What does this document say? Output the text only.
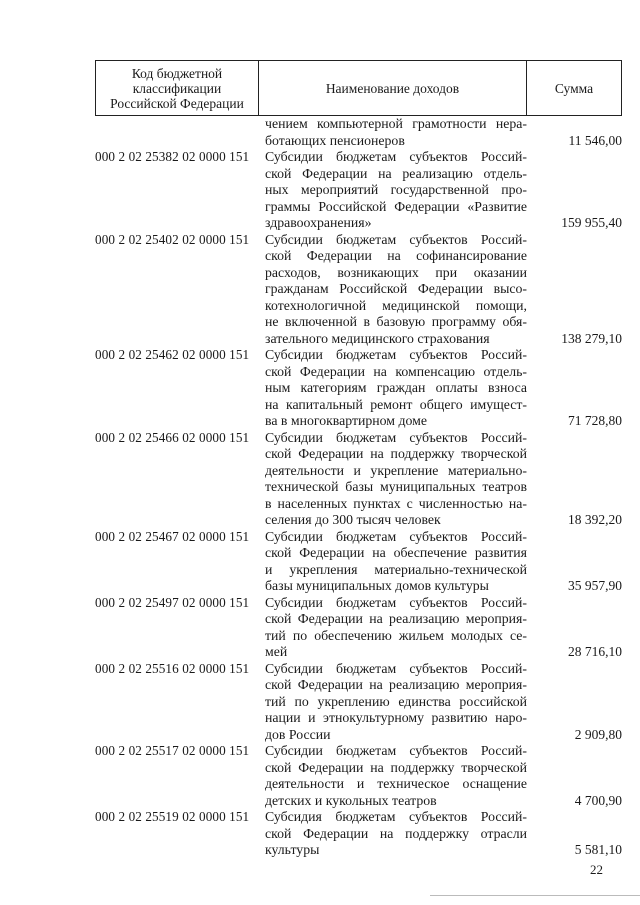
Код бюджетной
классификации
Российской Федерации
Наименование доходов	Сумма
чением компьютерной грамотности нера-
ботающих пенсионеров	11 546,00
000 2 02 25382 02 0000 151	Субсидии бюджетам субъектов Россий-
ской Федерации на реализацию отдель-
ных мероприятий государственной про-
граммы Российской Федерации «Развитие
здравоохранения»	159 955,40
000 2 02 25402 02 0000 151	Субсидии бюджетам субъектов Россий-
ской Федерации на софинансирование
расходов, возникающих при оказании
гражданам Российской Федерации высо-
котехнологичной медицинской помощи,
не включенной в базовую программу обя-
зательного медицинского страхования	138 279,10
000 2 02 25462 02 0000 151	Субсидии бюджетам субъектов Россий-
ской Федерации на компенсацию отдель-
ным категориям граждан оплаты взноса
на капитальный ремонт общего имущест-
ва в многоквартирном доме	71 728,80
000 2 02 25466 02 0000 151	Субсидии бюджетам субъектов Россий-
ской Федерации на поддержку творческой
деятельности и укрепление материально-
технической базы муниципальных театров
в населенных пунктах с численностью на-
селения до 300 тысяч человек	18 392,20
000 2 02 25467 02 0000 151	Субсидии бюджетам субъектов Россий-
ской Федерации на обеспечение развития
и укрепления материально-технической
базы муниципальных домов культуры	35 957,90
000 2 02 25497 02 0000 151	Субсидии бюджетам субъектов Россий-
ской Федерации на реализацию мероприя-
тий по обеспечению жильем молодых се-
мей	28 716,10
000 2 02 25516 02 0000 151	Субсидии бюджетам субъектов Россий-
ской Федерации на реализацию мероприя-
тий по укреплению единства российской
нации и этнокультурному развитию наро-
дов России	2 909,80
000 2 02 25517 02 0000 151	Субсидии бюджетам субъектов Россий-
ской Федерации на поддержку творческой
деятельности и техническое оснащение
детских и кукольных театров	4 700,90
000 2 02 25519 02 0000 151	Субсидия бюджетам субъектов Россий-
ской Федерации на поддержку отрасли
культуры	5 581,10
22
